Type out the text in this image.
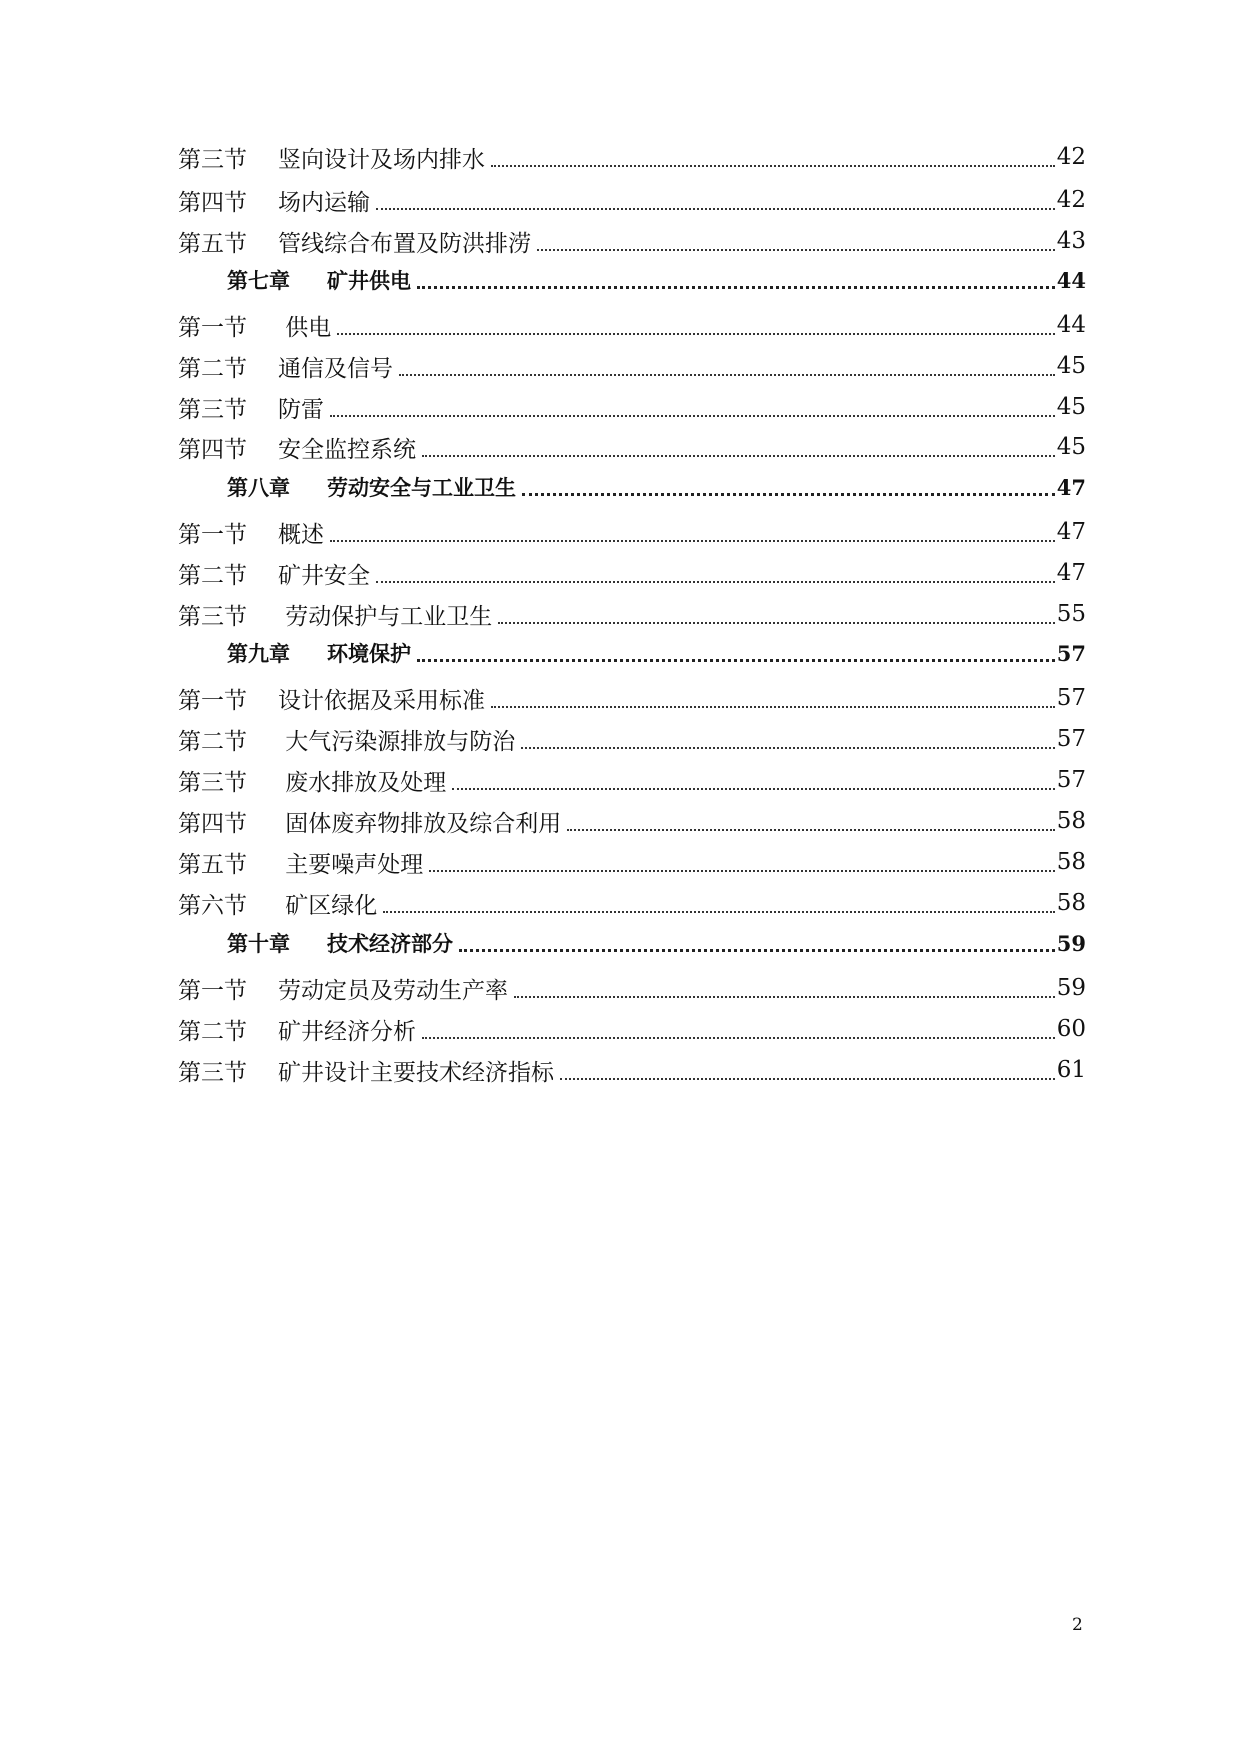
第三节	竖向设计及场内排水	42
第四节	场内运输	42
第五节	管线综合布置及防洪排涝	43
第七章	矿井供电	44
第一节	供电	44
第二节	通信及信号	45
第三节	防雷	45
第四节	安全监控系统	45
第八章	劳动安全与工业卫生	47
第一节	概述	47
第二节	矿井安全	47
第三节	劳动保护与工业卫生	55
第九章	环境保护	57
第一节	设计依据及采用标准	57
第二节	大气污染源排放与防治	57
第三节	废水排放及处理	57
第四节	固体废弃物排放及综合利用	58
第五节	主要噪声处理	58
第六节	矿区绿化	58
第十章	技术经济部分	59
第一节	劳动定员及劳动生产率	59
第二节	矿井经济分析	60
第三节	矿井设计主要技术经济指标	61
2
